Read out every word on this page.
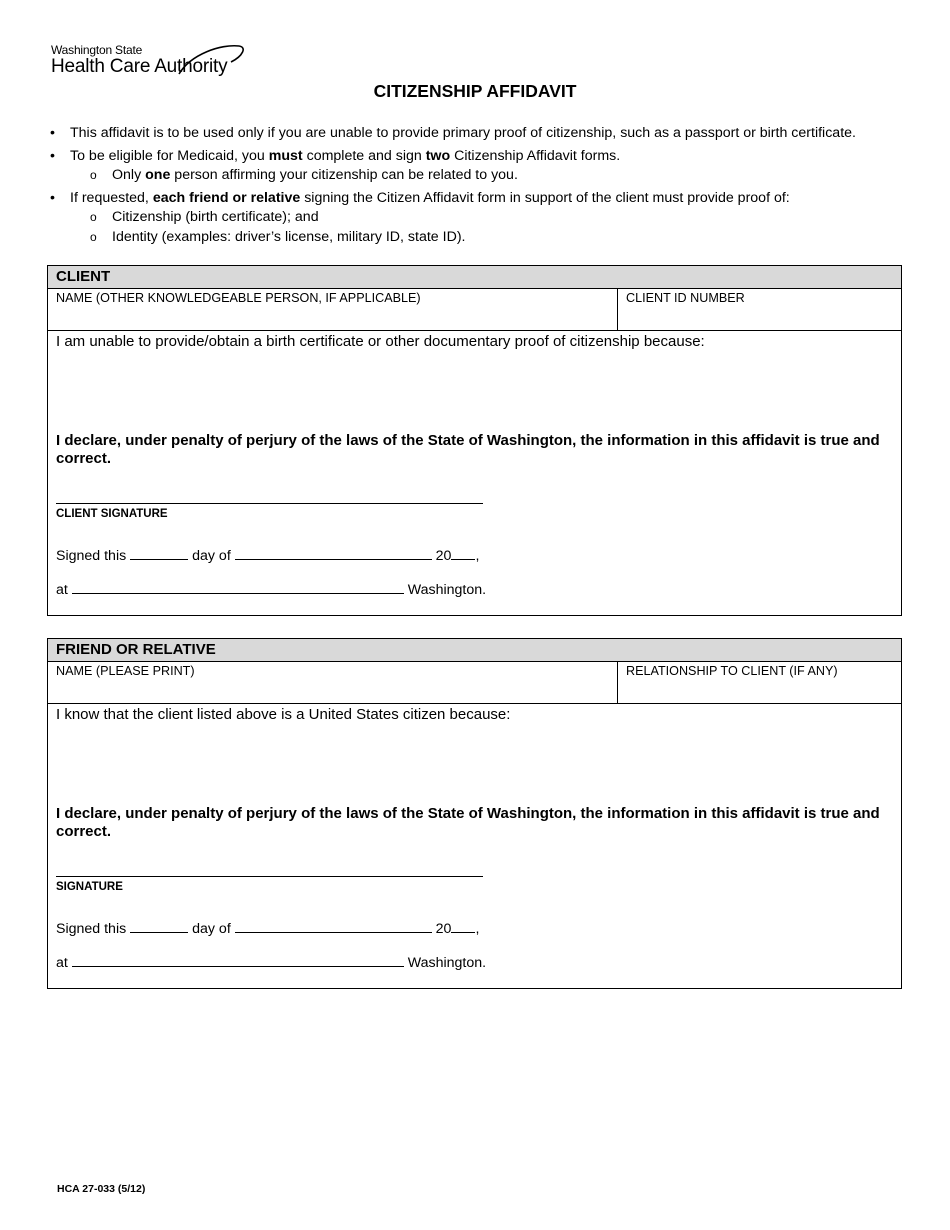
Washington State
Health Care Authority
CITIZENSHIP AFFIDAVIT
• This affidavit is to be used only if you are unable to provide primary proof of citizenship, such as a passport or birth certificate.
• To be eligible for Medicaid, you must complete and sign two Citizenship Affidavit forms.
o Only one person affirming your citizenship can be related to you.
• If requested, each friend or relative signing the Citizen Affidavit form in support of the client must provide proof of:
o Citizenship (birth certificate); and
o Identity (examples: driver’s license, military ID, state ID).
CLIENT
NAME (OTHER KNOWLEDGEABLE PERSON, IF APPLICABLE)	CLIENT ID NUMBER
I am unable to provide/obtain a birth certificate or other documentary proof of citizenship because:
I declare, under penalty of perjury of the laws of the State of Washington, the information in this affidavit is true and correct.
CLIENT SIGNATURE
Signed this	day of	20 ,
at	Washington.
FRIEND OR RELATIVE
NAME (PLEASE PRINT)	RELATIONSHIP TO CLIENT (IF ANY)
I know that the client listed above is a United States citizen because:
I declare, under penalty of perjury of the laws of the State of Washington, the information in this affidavit is true and correct.
SIGNATURE
Signed this	day of	20 ,
at	Washington.
HCA 27-033 (5/12)
